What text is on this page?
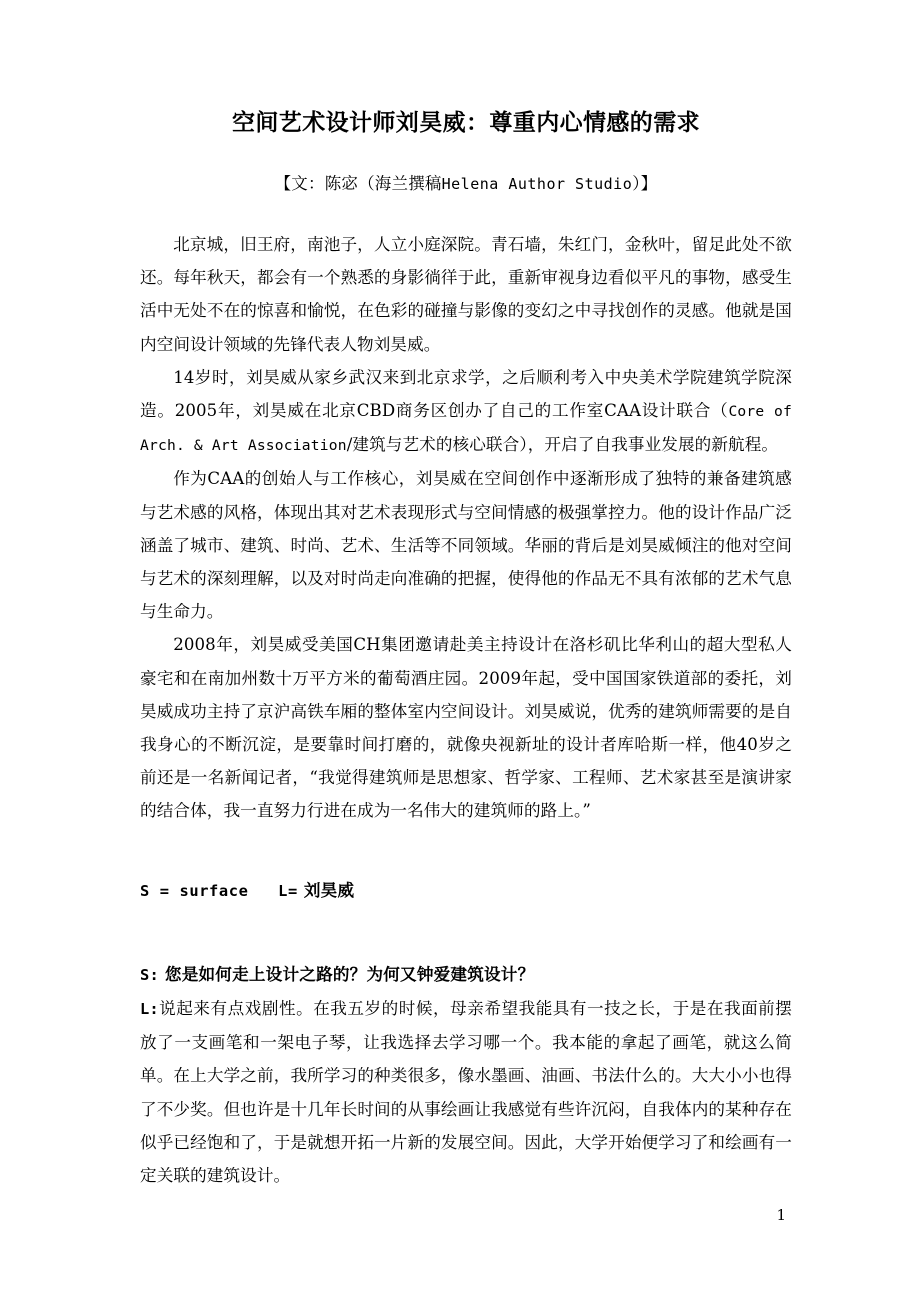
空间艺术设计师刘昊威：尊重内心情感的需求

【文：陈宓（海兰撰稿Helena Author Studio）】

北京城，旧王府，南池子，人立小庭深院。青石墙，朱红门，金秋叶，留足此处不欲还。每年秋天，都会有一个熟悉的身影徜徉于此，重新审视身边看似平凡的事物，感受生活中无处不在的惊喜和愉悦，在色彩的碰撞与影像的变幻之中寻找创作的灵感。他就是国内空间设计领域的先锋代表人物刘昊威。

14岁时，刘昊威从家乡武汉来到北京求学，之后顺利考入中央美术学院建筑学院深造。2005年，刘昊威在北京CBD商务区创办了自己的工作室CAA设计联合（Core of Arch. & Art Association/建筑与艺术的核心联合），开启了自我事业发展的新航程。

作为CAA的创始人与工作核心，刘昊威在空间创作中逐渐形成了独特的兼备建筑感与艺术感的风格，体现出其对艺术表现形式与空间情感的极强掌控力。他的设计作品广泛涵盖了城市、建筑、时尚、艺术、生活等不同领域。华丽的背后是刘昊威倾注的他对空间与艺术的深刻理解，以及对时尚走向准确的把握，使得他的作品无不具有浓郁的艺术气息与生命力。

2008年，刘昊威受美国CH集团邀请赴美主持设计在洛杉矶比华利山的超大型私人豪宅和在南加州数十万平方米的葡萄酒庄园。2009年起，受中国国家铁道部的委托，刘昊威成功主持了京沪高铁车厢的整体室内空间设计。刘昊威说，优秀的建筑师需要的是自我身心的不断沉淀，是要靠时间打磨的，就像央视新址的设计者库哈斯一样，他40岁之前还是一名新闻记者，“我觉得建筑师是思想家、哲学家、工程师、艺术家甚至是演讲家的结合体，我一直努力行进在成为一名伟大的建筑师的路上。”

S = surface L= 刘昊威

S: 您是如何走上设计之路的？为何又钟爱建筑设计？

L:说起来有点戏剧性。在我五岁的时候，母亲希望我能具有一技之长，于是在我面前摆放了一支画笔和一架电子琴，让我选择去学习哪一个。我本能的拿起了画笔，就这么简单。在上大学之前，我所学习的种类很多，像水墨画、油画、书法什么的。大大小小也得了不少奖。但也许是十几年长时间的从事绘画让我感觉有些许沉闷，自我体内的某种存在似乎已经饱和了，于是就想开拓一片新的发展空间。因此，大学开始便学习了和绘画有一定关联的建筑设计。

1
